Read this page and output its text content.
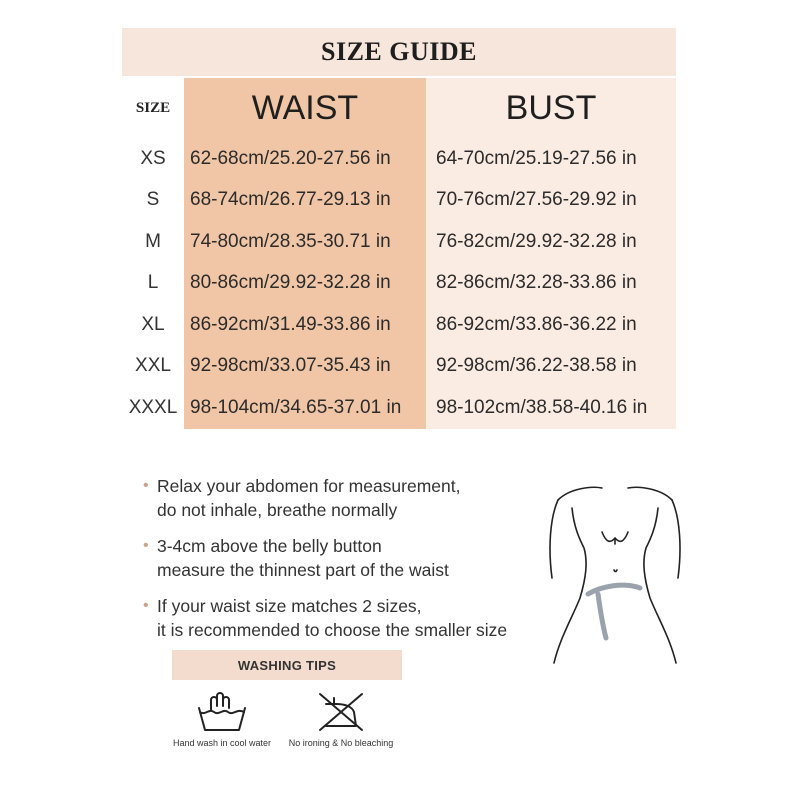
SIZE GUIDE
SIZE	WAIST	BUST
XS	62-68cm/25.20-27.56 in	64-70cm/25.19-27.56 in
S	68-74cm/26.77-29.13 in	70-76cm/27.56-29.92 in
M	74-80cm/28.35-30.71 in	76-82cm/29.92-32.28 in
L	80-86cm/29.92-32.28 in	82-86cm/32.28-33.86 in
XL	86-92cm/31.49-33.86 in	86-92cm/33.86-36.22 in
XXL	92-98cm/33.07-35.43 in	92-98cm/36.22-38.58 in
XXXL 98-104cm/34.65-37.01 in	98-102cm/38.58-40.16 in
• Relax your abdomen for measurement,
do not inhale, breathe normally
• 3-4cm above the belly button
measure the thinnest part of the waist
• If your waist size matches 2 sizes,
it is recommended to choose the smaller size
WASHING TIPS
Hand wash in cool water	No ironing & No bleaching
